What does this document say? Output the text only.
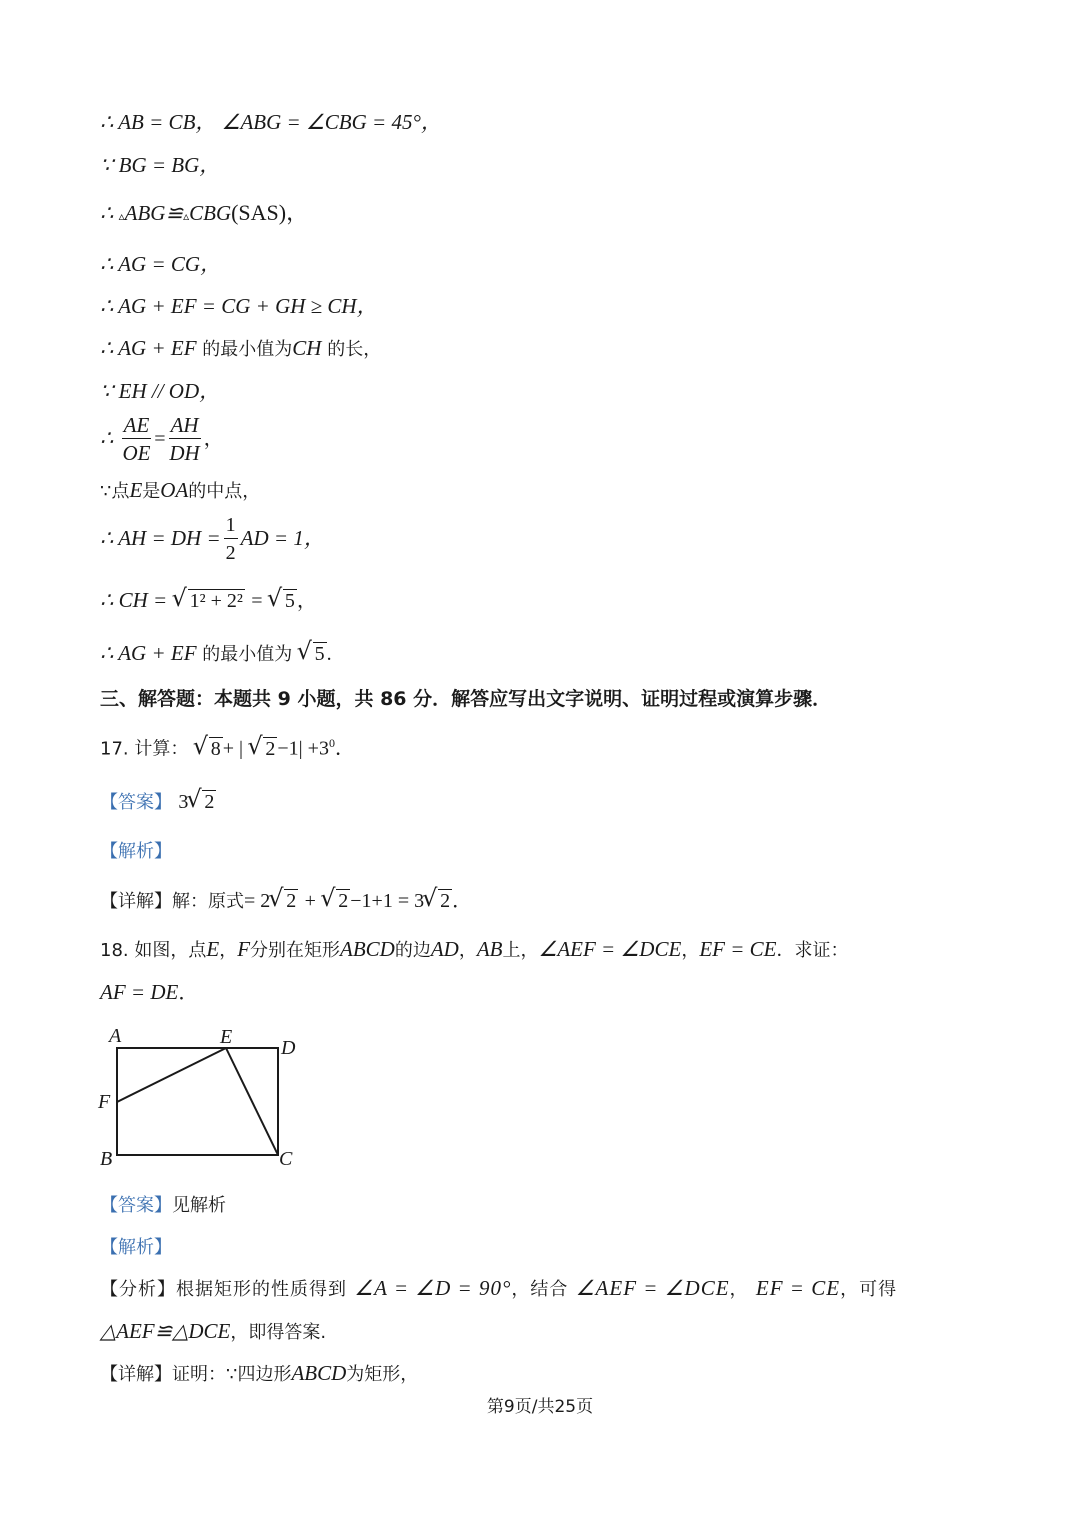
∴ AB = CB， ∠ABG = ∠CBG = 45°，
∵ BG = BG，
∴ ▵ABG≌▵CBG(SAS)，
∴ AG = CG，
∴ AG + EF = CG + GH ≥ CH，
∴ AG + EF 的最小值为CH 的长，
∵ EH // OD，
∴ $\frac{AE}{OE} = \frac{AH}{DH}$ ，
∵点E是OA的中点，
∴ AH = DH = $\frac{1}{2}$ AD = 1，
∴ CH = √ 1² + 2² = √ 5 ，
∴ AG + EF 的最小值为 √ 5 .
三、解答题：本题共 9 小题，共 86 分．解答应写出文字说明、证明过程或演算步骤．
17. 计算： √ 8 + | √ $2 -1| +3^0$．
【答案】 3 √ 2
【解析】
【详解】解：原式= 2 √ 2 + √ 2 −1+1 = 3 √ 2 ．
18. 如图，点E，F分别在矩形ABCD的边AD，AB上，∠AEF = ∠DCE，EF = CE．求证：
AF = DE．
A	E D
F
B	C
【答案】见解析
【解析】
【分析】根据矩形的性质得到 ∠A = ∠D = 90°，结合 ∠AEF = ∠DCE， EF = CE，可得
△AEF≌△DCE，即得答案.
【详解】证明：∵四边形ABCD为矩形，
第9页/共25页
